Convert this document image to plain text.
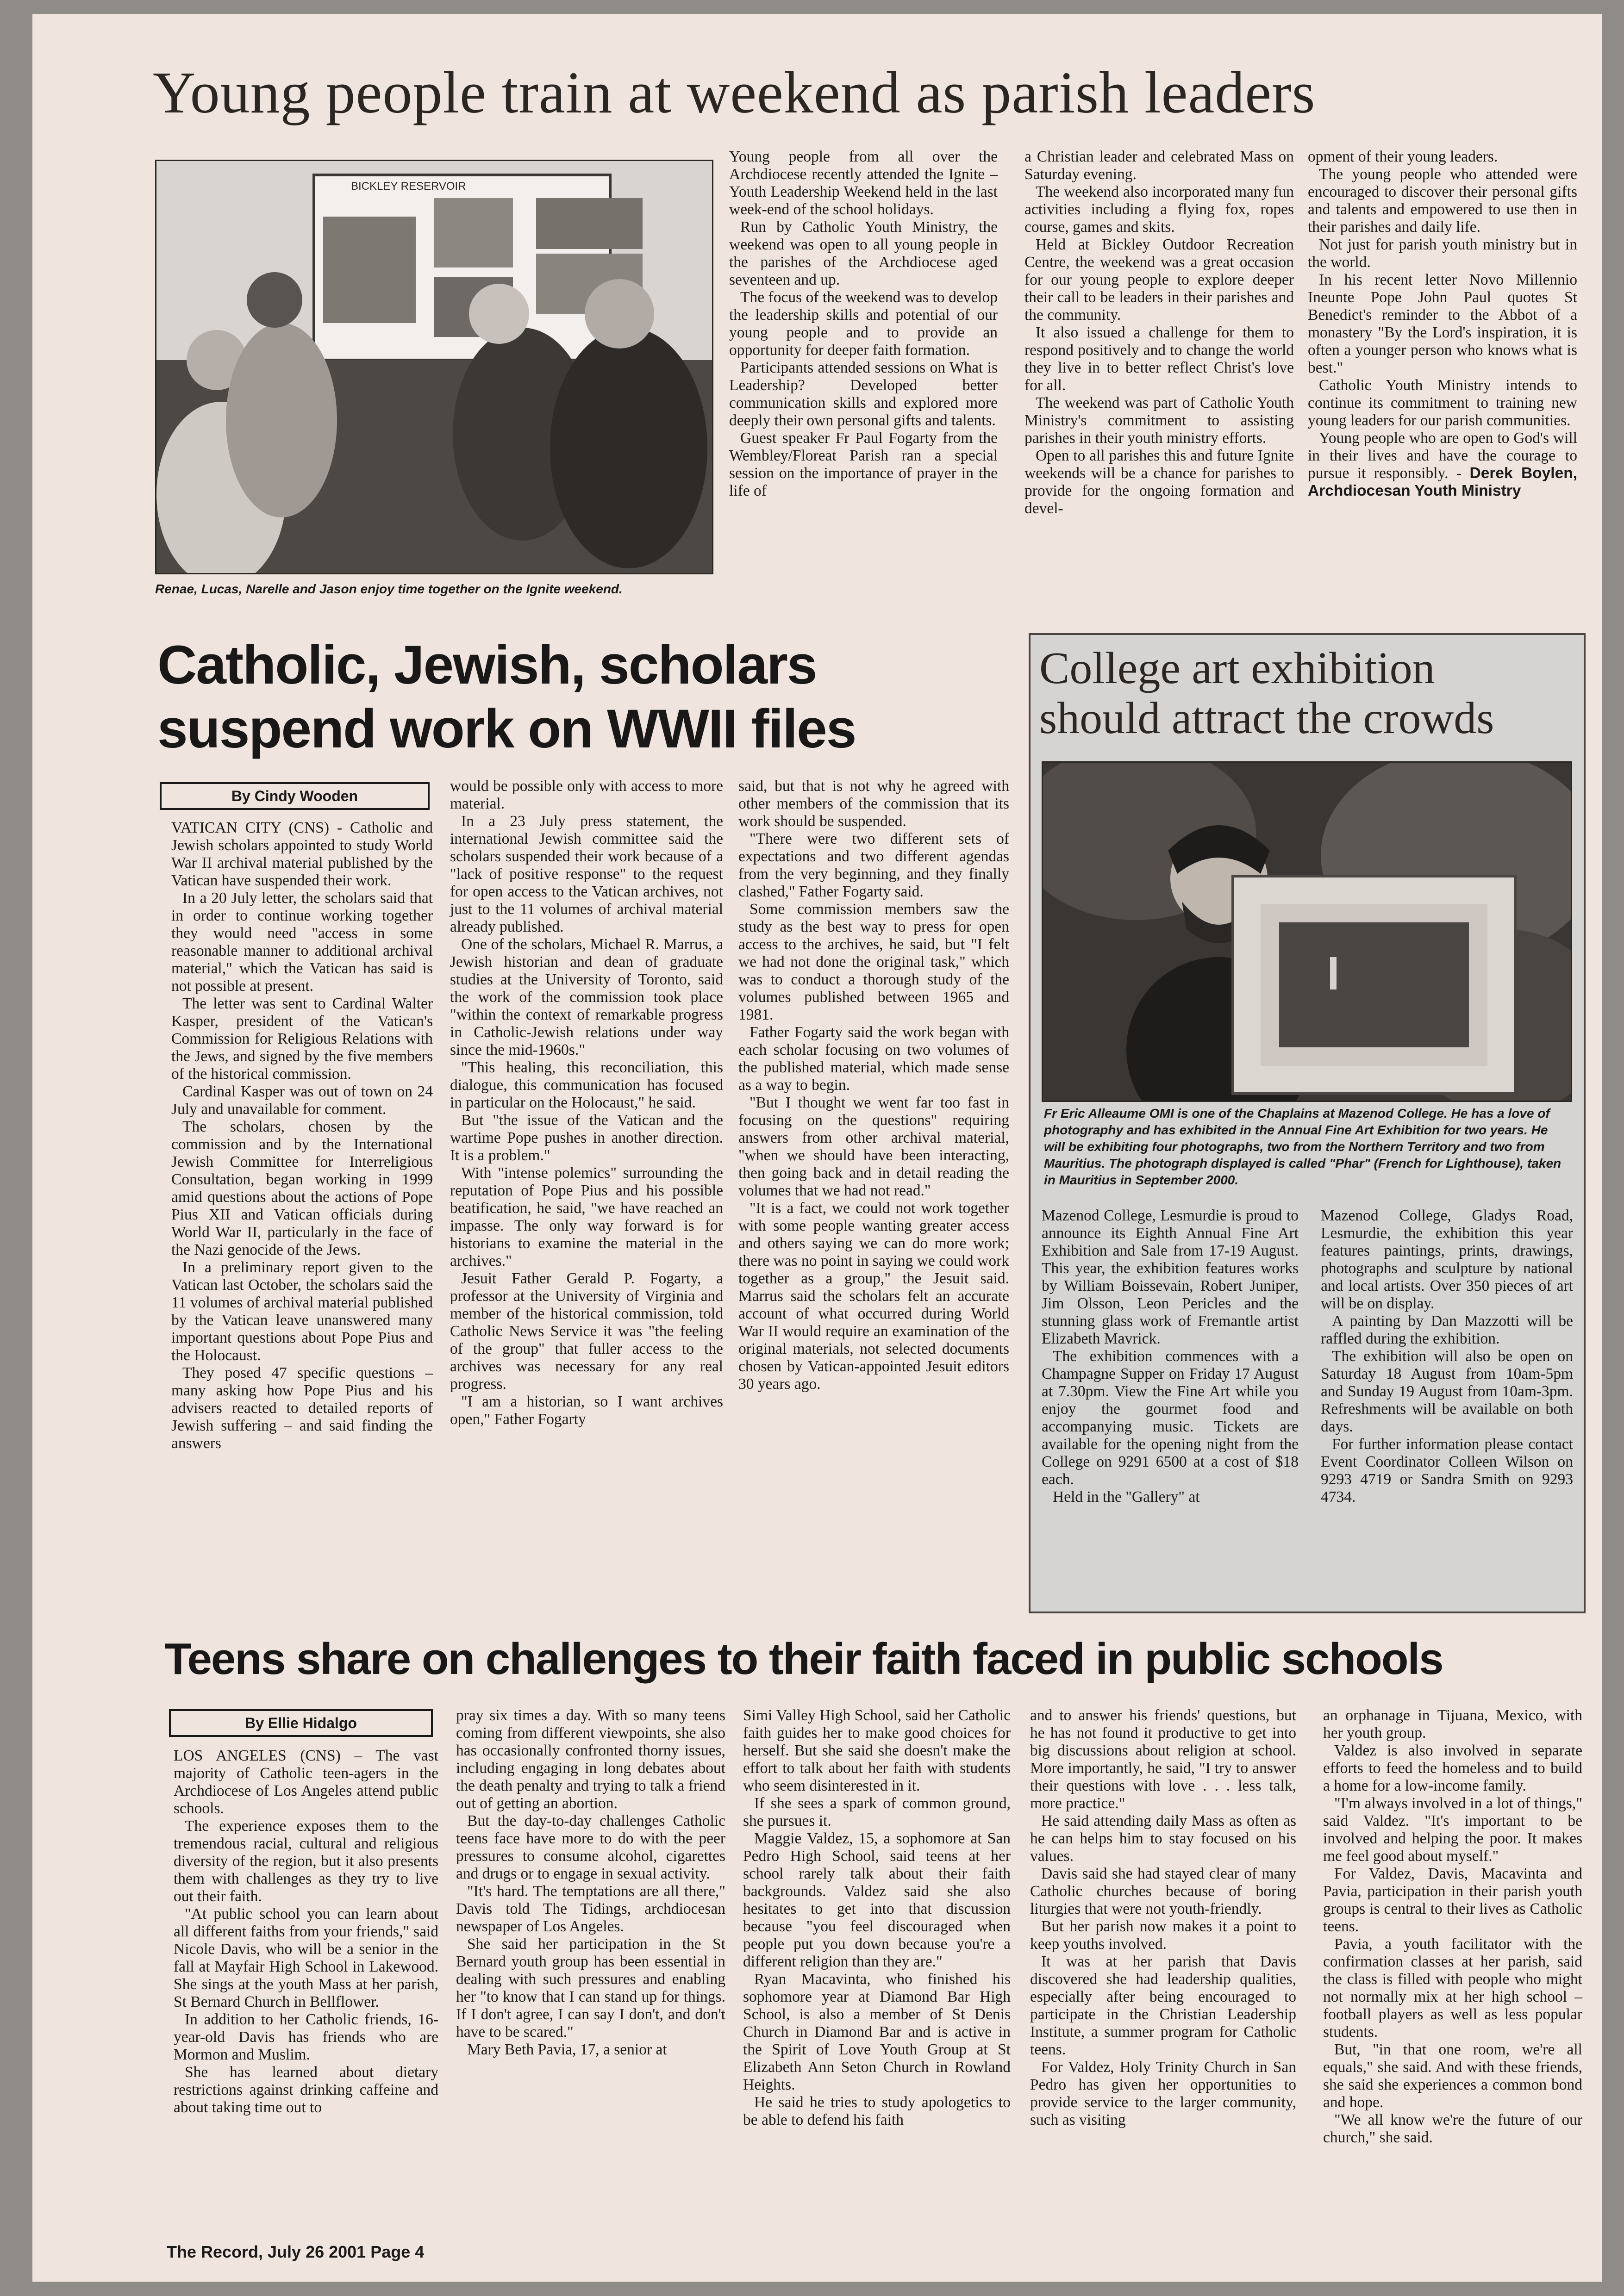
Young people train at weekend as parish leaders
BICKLEY RESERVOIR
Renae, Lucas, Narelle and Jason enjoy time together on the Ignite weekend.

Young people from all over the Archdiocese recently attended the Ignite – Youth Leadership Weekend held in the last week-end of the school holidays.

Run by Catholic Youth Ministry, the weekend was open to all young people in the parishes of the Archdiocese aged seventeen and up.

The focus of the weekend was to develop the leadership skills and potential of our young people and to provide an opportunity for deeper faith formation.

Participants attended sessions on What is Leadership? Developed better communication skills and explored more deeply their own personal gifts and talents.

Guest speaker Fr Paul Fogarty from the Wembley/Floreat Parish ran a special session on the importance of prayer in the life of

a Christian leader and celebrated Mass on Saturday evening.

The weekend also incorporated many fun activities including a flying fox, ropes course, games and skits.

Held at Bickley Outdoor Recreation Centre, the weekend was a great occasion for our young people to explore deeper their call to be leaders in their parishes and the community.

It also issued a challenge for them to respond positively and to change the world they live in to better reflect Christ's love for all.

The weekend was part of Catholic Youth Ministry's commitment to assisting parishes in their youth ministry efforts.

Open to all parishes this and future Ignite weekends will be a chance for parishes to provide for the ongoing formation and devel-

opment of their young leaders.

The young people who attended were encouraged to discover their personal gifts and talents and empowered to use then in their parishes and daily life.

Not just for parish youth ministry but in the world.

In his recent letter Novo Millennio Ineunte Pope John Paul quotes St Benedict's reminder to the Abbot of a monastery "By the Lord's inspiration, it is often a younger person who knows what is best."

Catholic Youth Ministry intends to continue its commitment to training new young leaders for our parish communities.

Young people who are open to God's will in their lives and have the courage to pursue it responsibly. - Derek Boylen, Archdiocesan Youth Ministry

Catholic, Jewish, scholars
suspend work on WWII files
By Cindy Wooden

VATICAN CITY (CNS) - Catholic and Jewish scholars appointed to study World War II archival material published by the Vatican have suspended their work.

In a 20 July letter, the scholars said that in order to continue working together they would need "access in some reasonable manner to additional archival material," which the Vatican has said is not possible at present.

The letter was sent to Cardinal Walter Kasper, president of the Vatican's Commission for Religious Relations with the Jews, and signed by the five members of the historical commission.

Cardinal Kasper was out of town on 24 July and unavailable for comment.

The scholars, chosen by the commission and by the International Jewish Committee for Interreligious Consultation, began working in 1999 amid questions about the actions of Pope Pius XII and Vatican officials during World War II, particularly in the face of the Nazi genocide of the Jews.

In a preliminary report given to the Vatican last October, the scholars said the 11 volumes of archival material published by the Vatican leave unanswered many important questions about Pope Pius and the Holocaust.

They posed 47 specific questions – many asking how Pope Pius and his advisers reacted to detailed reports of Jewish suffering – and said finding the answers

would be possible only with access to more material.

In a 23 July press statement, the international Jewish committee said the scholars suspended their work because of a "lack of positive response" to the request for open access to the Vatican archives, not just to the 11 volumes of archival material already published.

One of the scholars, Michael R. Marrus, a Jewish historian and dean of graduate studies at the University of Toronto, said the work of the commission took place "within the context of remarkable progress in Catholic-Jewish relations under way since the mid-1960s."

"This healing, this reconciliation, this dialogue, this communication has focused in particular on the Holocaust," he said.

But "the issue of the Vatican and the wartime Pope pushes in another direction. It is a problem."

With "intense polemics" surrounding the reputation of Pope Pius and his possible beatification, he said, "we have reached an impasse. The only way forward is for historians to examine the material in the archives."

Jesuit Father Gerald P. Fogarty, a professor at the University of Virginia and member of the historical commission, told Catholic News Service it was "the feeling of the group" that fuller access to the archives was necessary for any real progress.

"I am a historian, so I want archives open," Father Fogarty

said, but that is not why he agreed with other members of the commission that its work should be suspended.

"There were two different sets of expectations and two different agendas from the very beginning, and they finally clashed," Father Fogarty said.

Some commission members saw the study as the best way to press for open access to the archives, he said, but "I felt we had not done the original task," which was to conduct a thorough study of the volumes published between 1965 and 1981.

Father Fogarty said the work began with each scholar focusing on two volumes of the published material, which made sense as a way to begin.

"But I thought we went far too fast in focusing on the questions" requiring answers from other archival material, "when we should have been interacting, then going back and in detail reading the volumes that we had not read."

"It is a fact, we could not work together with some people wanting greater access and others saying we can do more work; there was no point in saying we could work together as a group," the Jesuit said. Marrus said the scholars felt an accurate account of what occurred during World War II would require an examination of the original materials, not selected documents chosen by Vatican-appointed Jesuit editors 30 years ago.

College art exhibition
should attract the crowds
Fr Eric Alleaume OMI is one of the Chaplains at Mazenod College. He has a love of photography and has exhibited in the Annual Fine Art Exhibition for two years. He will be exhibiting four photographs, two from the Northern Territory and two from Mauritius. The photograph displayed is called "Phar" (French for Lighthouse), taken in Mauritius in September 2000.

Mazenod College, Lesmurdie is proud to announce its Eighth Annual Fine Art Exhibition and Sale from 17-19 August. This year, the exhibition features works by William Boissevain, Robert Juniper, Jim Olsson, Leon Pericles and the stunning glass work of Fremantle artist Elizabeth Mavrick.

The exhibition commences with a Champagne Supper on Friday 17 August at 7.30pm. View the Fine Art while you enjoy the gourmet food and accompanying music. Tickets are available for the opening night from the College on 9291 6500 at a cost of $18 each.

Held in the "Gallery" at

Mazenod College, Gladys Road, Lesmurdie, the exhibition this year features paintings, prints, drawings, photographs and sculpture by national and local artists. Over 350 pieces of art will be on display.

A painting by Dan Mazzotti will be raffled during the exhibition.

The exhibition will also be open on Saturday 18 August from 10am-5pm and Sunday 19 August from 10am-3pm. Refreshments will be available on both days.

For further information please contact Event Coordinator Colleen Wilson on 9293 4719 or Sandra Smith on 9293 4734.

Teens share on challenges to their faith faced in public schools
By Ellie Hidalgo

LOS ANGELES (CNS) – The vast majority of Catholic teen-agers in the Archdiocese of Los Angeles attend public schools.

The experience exposes them to the tremendous racial, cultural and religious diversity of the region, but it also presents them with challenges as they try to live out their faith.

"At public school you can learn about all different faiths from your friends," said Nicole Davis, who will be a senior in the fall at Mayfair High School in Lakewood. She sings at the youth Mass at her parish, St Bernard Church in Bellflower.

In addition to her Catholic friends, 16-year-old Davis has friends who are Mormon and Muslim.

She has learned about dietary restrictions against drinking caffeine and about taking time out to

pray six times a day. With so many teens coming from different viewpoints, she also has occasionally confronted thorny issues, including engaging in long debates about the death penalty and trying to talk a friend out of getting an abortion.

But the day-to-day challenges Catholic teens face have more to do with the peer pressures to consume alcohol, cigarettes and drugs or to engage in sexual activity.

"It's hard. The temptations are all there," Davis told The Tidings, archdiocesan newspaper of Los Angeles.

She said her participation in the St Bernard youth group has been essential in dealing with such pressures and enabling her "to know that I can stand up for things. If I don't agree, I can say I don't, and don't have to be scared."

Mary Beth Pavia, 17, a senior at

Simi Valley High School, said her Catholic faith guides her to make good choices for herself. But she said she doesn't make the effort to talk about her faith with students who seem disinterested in it.

If she sees a spark of common ground, she pursues it.

Maggie Valdez, 15, a sophomore at San Pedro High School, said teens at her school rarely talk about their faith backgrounds. Valdez said she also hesitates to get into that discussion because "you feel discouraged when people put you down because you're a different religion than they are."

Ryan Macavinta, who finished his sophomore year at Diamond Bar High School, is also a member of St Denis Church in Diamond Bar and is active in the Spirit of Love Youth Group at St Elizabeth Ann Seton Church in Rowland Heights.

He said he tries to study apologetics to be able to defend his faith

and to answer his friends' questions, but he has not found it productive to get into big discussions about religion at school. More importantly, he said, "I try to answer their questions with love . . . less talk, more practice."

He said attending daily Mass as often as he can helps him to stay focused on his values.

Davis said she had stayed clear of many Catholic churches because of boring liturgies that were not youth-friendly.

But her parish now makes it a point to keep youths involved.

It was at her parish that Davis discovered she had leadership qualities, especially after being encouraged to participate in the Christian Leadership Institute, a summer program for Catholic teens.

For Valdez, Holy Trinity Church in San Pedro has given her opportunities to provide service to the larger community, such as visiting

an orphanage in Tijuana, Mexico, with her youth group.

Valdez is also involved in separate efforts to feed the homeless and to build a home for a low-income family.

"I'm always involved in a lot of things," said Valdez. "It's important to be involved and helping the poor. It makes me feel good about myself."

For Valdez, Davis, Macavinta and Pavia, participation in their parish youth groups is central to their lives as Catholic teens.

Pavia, a youth facilitator with the confirmation classes at her parish, said the class is filled with people who might not normally mix at her high school – football players as well as less popular students.

But, "in that one room, we're all equals," she said. And with these friends, she said she experiences a common bond and hope.

"We all know we're the future of our church," she said.

The Record, July 26 2001 Page 4
